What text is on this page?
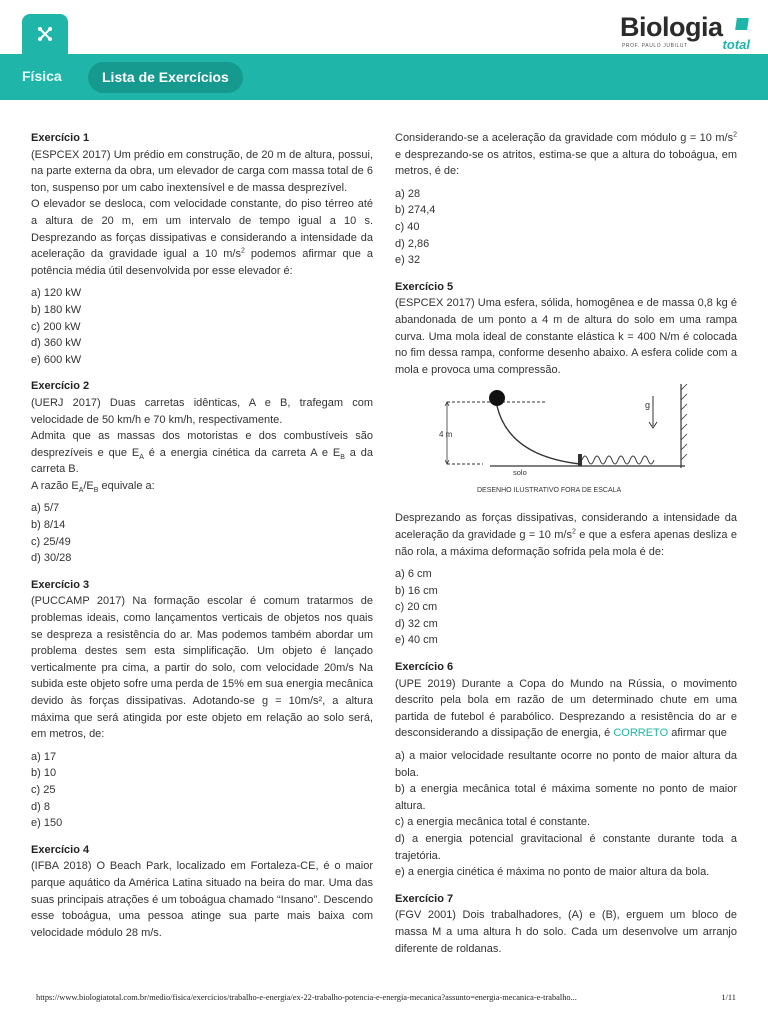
Biologia
PROF. PAULO JUBILUT	total
Física	Lista de Exercícios
Exercício 1
(ESPCEX 2017) Um prédio em construção, de 20 m de altura, possui, na parte externa da obra, um elevador de carga com massa total de 6 ton, suspenso por um cabo inextensível e de massa desprezível.
O elevador se desloca, com velocidade constante, do piso térreo até a altura de 20 m, em um intervalo de tempo igual a 10 s. Desprezando as forças dissipativas e considerando a intensidade da aceleração da gravidade igual a 10 $m/s^2$ podemos afirmar que a potência média útil desenvolvida por esse elevador é:
a) 120 kW
b) 180 kW
c) 200 kW
d) 360 kW
e) 600 kW
Exercício 2
(UERJ 2017) Duas carretas idênticas, A e B, trafegam com velocidade de 50 km/h e 70 km/h, respectivamente.
Admita que as massas dos motoristas e dos combustíveis são desprezíveis e que $E_A$ é a energia cinética da carreta A e $E_B$ a da carreta B.
A razão $E_A/E_B$ equivale a:
a) 5/7
b) 8/14
c) 25/49
d) 30/28
Exercício 3
(PUCCAMP 2017) Na formação escolar é comum tratarmos de problemas ideais, como lançamentos verticais de objetos nos quais se despreza a resistência do ar. Mas podemos também abordar um problema destes sem esta simplificação. Um objeto é lançado verticalmente pra cima, a partir do solo, com velocidade 20m/s Na subida este objeto sofre uma perda de 15% em sua energia mecânica devido às forças dissipativas. Adotando-se g = 10m/s², a altura máxima que será atingida por este objeto em relação ao solo será, em metros, de:
a) 17
b) 10
c) 25
d) 8
e) 150
Exercício 4
(IFBA 2018) O Beach Park, localizado em Fortaleza-CE, é o maior parque aquático da América Latina situado na beira do mar. Uma das suas principais atrações é um toboágua chamado “Insano”. Descendo esse toboágua, uma pessoa atinge sua parte mais baixa com velocidade módulo 28 m/s.
Considerando-se a aceleração da gravidade com módulo g = 10 $m/s^2$ e desprezando-se os atritos, estima-se que a altura do toboágua, em metros, é de:
a) 28
b) 274,4
c) 40
d) 2,86
e) 32
Exercício 5
(ESPCEX 2017) Uma esfera, sólida, homogênea e de massa 0,8 kg é abandonada de um ponto a 4 m de altura do solo em uma rampa curva. Uma mola ideal de constante elástica k = 400 N/m é colocada no fim dessa rampa, conforme desenho abaixo. A esfera colide com a mola e provoca uma compressão.
4 m
solo
g
DESENHO ILUSTRATIVO FORA DE ESCALA
Desprezando as forças dissipativas, considerando a intensidade da aceleração da gravidade g = 10 $m/s^2$ e que a esfera apenas desliza e não rola, a máxima deformação sofrida pela mola é de:
a) 6 cm
b) 16 cm
c) 20 cm
d) 32 cm
e) 40 cm
Exercício 6
(UPE 2019) Durante a Copa do Mundo na Rússia, o movimento descrito pela bola em razão de um determinado chute em uma partida de futebol é parabólico. Desprezando a resistência do ar e desconsiderando a dissipação de energia, é CORRETO afirmar que
a) a maior velocidade resultante ocorre no ponto de maior altura da bola.
b) a energia mecânica total é máxima somente no ponto de maior altura.
c) a energia mecânica total é constante.
d) a energia potencial gravitacional é constante durante toda a trajetória.
e) a energia cinética é máxima no ponto de maior altura da bola.
Exercício 7
(FGV 2001) Dois trabalhadores, (A) e (B), erguem um bloco de massa M a uma altura h do solo. Cada um desenvolve um arranjo diferente de roldanas.
https://www.biologiatotal.com.br/medio/fisica/exercicios/trabalho-e-energia/ex-22-trabalho-potencia-e-energia-mecanica?assunto=energia-mecanica-e-trabalho...	1/11
